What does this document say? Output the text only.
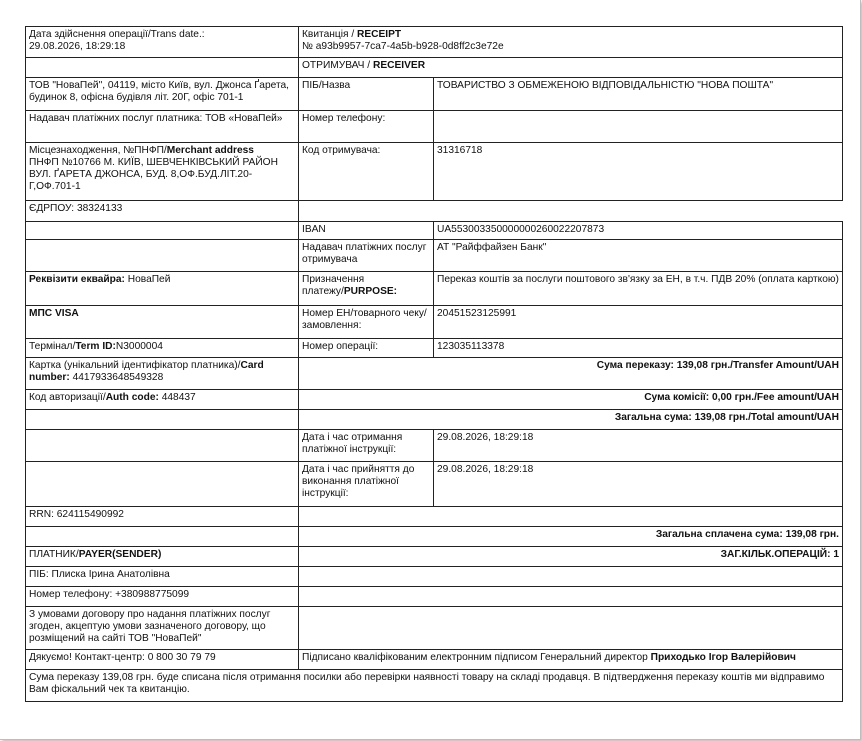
Дата здійснення операції/Trans date.:
29.08.2026, 18:29:18	Квитанція / RECEIPT
№ a93b9957-7ca7-4a5b-b928-0d8ff2c3e72e	

	ОТРИМУВАЧ / RECEIVER	
ТОВ "НоваПей", 04119, місто Київ, вул. Джонса Ґарета, будинок 8, офісна будівля літ. 20Г, офіс 701-1	ПІБ/Назва	ТОВАРИСТВО З ОБМЕЖЕНОЮ ВІДПОВІДАЛЬНІСТЮ "НОВА ПОШТА"
Надавач платіжних послуг платника: ТОВ «НоваПей»	Номер телефону:	
Місцезнаходження, №ПНФП/Merchant address
ПНФП №10766 М. КИЇВ, ШЕВЧЕНКІВСЬКИЙ РАЙОН ВУЛ. ҐАРЕТА ДЖОНСА, БУД. 8,ОФ.БУД.ЛІТ.20-Г,ОФ.701-1	Код отримувача:	31316718
ЄДРПОУ: 38324133		
	IBAN	UA553003350000000260022207873
	Надавач платіжних послуг отримувача	АТ "Райффайзен Банк"
Реквізити еквайра: НоваПей	Призначення платежу/PURPOSE:	Переказ коштів за послуги поштового зв'язку за ЕН, в т.ч. ПДВ 20% (оплата карткою)
МПС VISA	Номер ЕН/товарного чеку/замовлення:	20451523125991
Термінал/Term ID:N3000004	Номер операції:	123035113378
Картка (унікальний ідентифікатор платника)/Card number: 4417933648549328	Сума переказу: 139,08 грн./Transfer Amount/UAH	
Код авторизації/Auth code: 448437	Сума комісії: 0,00 грн./Fee amount/UAH	
	Загальна сума: 139,08 грн./Total amount/UAH	
	Дата і час отримання платіжної інструкції:	29.08.2026, 18:29:18
	Дата і час прийняття до виконання платіжної інструкції:	29.08.2026, 18:29:18
RRN: 624115490992		
	Загальна сплачена сума: 139,08 грн.	
ПЛАТНИК/PAYER(SENDER)	ЗАГ.КІЛЬК.ОПЕРАЦІЙ: 1	
ПІБ: Плиска Ірина Анатолівна		
Номер телефону: +380988775099		
З умовами договору про надання платіжних послуг згоден, акцептую умови зазначеного договору, що розміщений на сайті ТОВ "НоваПей"		
Дякуємо! Контакт-центр: 0 800 30 79 79	Підписано кваліфікованим електронним підписом Генеральний директор Приходько Ігор Валерійович	
Сума переказу 139,08 грн. буде списана після отримання посилки або перевірки наявності товару на складі продавця. В підтвердження переказу коштів ми відправимо Вам фіскальний чек та квитанцію.		
